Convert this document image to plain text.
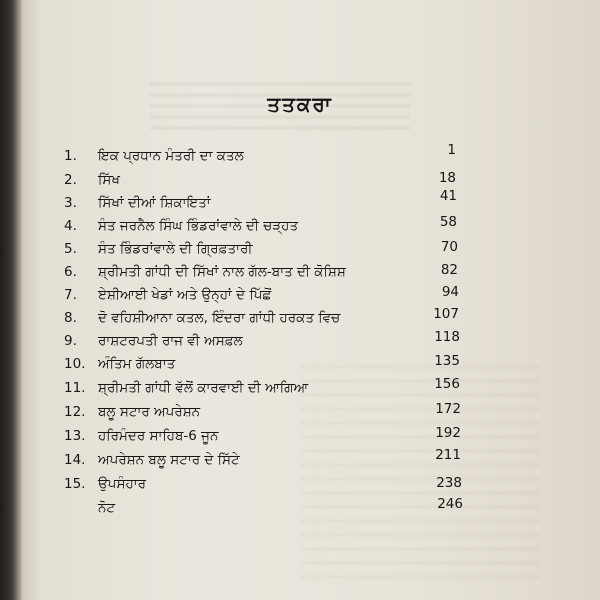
ਤਤਕਰਾ
1.	ਇਕ ਪ੍ਰਧਾਨ ਮੰਤਰੀ ਦਾ ਕਤਲ	1
2.	ਸਿੱਖ	18
3.	ਸਿੱਖਾਂ ਦੀਆਂ ਸ਼ਿਕਾਇਤਾਂ	41
4.	ਸੰਤ ਜਰਨੈਲ ਸਿੰਘ ਭਿੰਡਰਾਂਵਾਲੇ ਦੀ ਚੜ੍ਹਤ	58
5.	ਸੰਤ ਭਿੰਡਰਾਂਵਾਲੇ ਦੀ ਗ੍ਰਿਫ਼ਤਾਰੀ	70
6.	ਸ਼੍ਰੀਮਤੀ ਗਾਂਧੀ ਦੀ ਸਿੱਖਾਂ ਨਾਲ ਗੱਲ-ਬਾਤ ਦੀ ਕੋਸ਼ਿਸ਼	82
7.	ਏਸ਼ੀਆਈ ਖੇਡਾਂ ਅਤੇ ਉਨ੍ਹਾਂ ਦੇ ਪਿੱਛੋਂ	94
8.	ਦੋ ਵਹਿਸ਼ੀਆਨਾ ਕਤਲ, ਇੰਦਰਾ ਗਾਂਧੀ ਹਰਕਤ ਵਿਚ	107
9.	ਰਾਸ਼ਟਰਪਤੀ ਰਾਜ ਵੀ ਅਸਫ਼ਲ	118
10. ਅੰਤਿਮ ਗੱਲਬਾਤ	135
11. ਸ਼੍ਰੀਮਤੀ ਗਾਂਧੀ ਵੱਲੋਂ ਕਾਰਵਾਈ ਦੀ ਆਗਿਆ	156
12. ਬਲੂ ਸਟਾਰ ਅਪਰੇਸ਼ਨ	172
13. ਹਰਿਮੰਦਰ ਸਾਹਿਬ-6 ਜੂਨ	192
14. ਅਪਰੇਸ਼ਨ ਬਲੂ ਸਟਾਰ ਦੇ ਸਿੱਟੇ	211
15. ਉਪਸੰਹਾਰ	238
ਨੋਟ	246
